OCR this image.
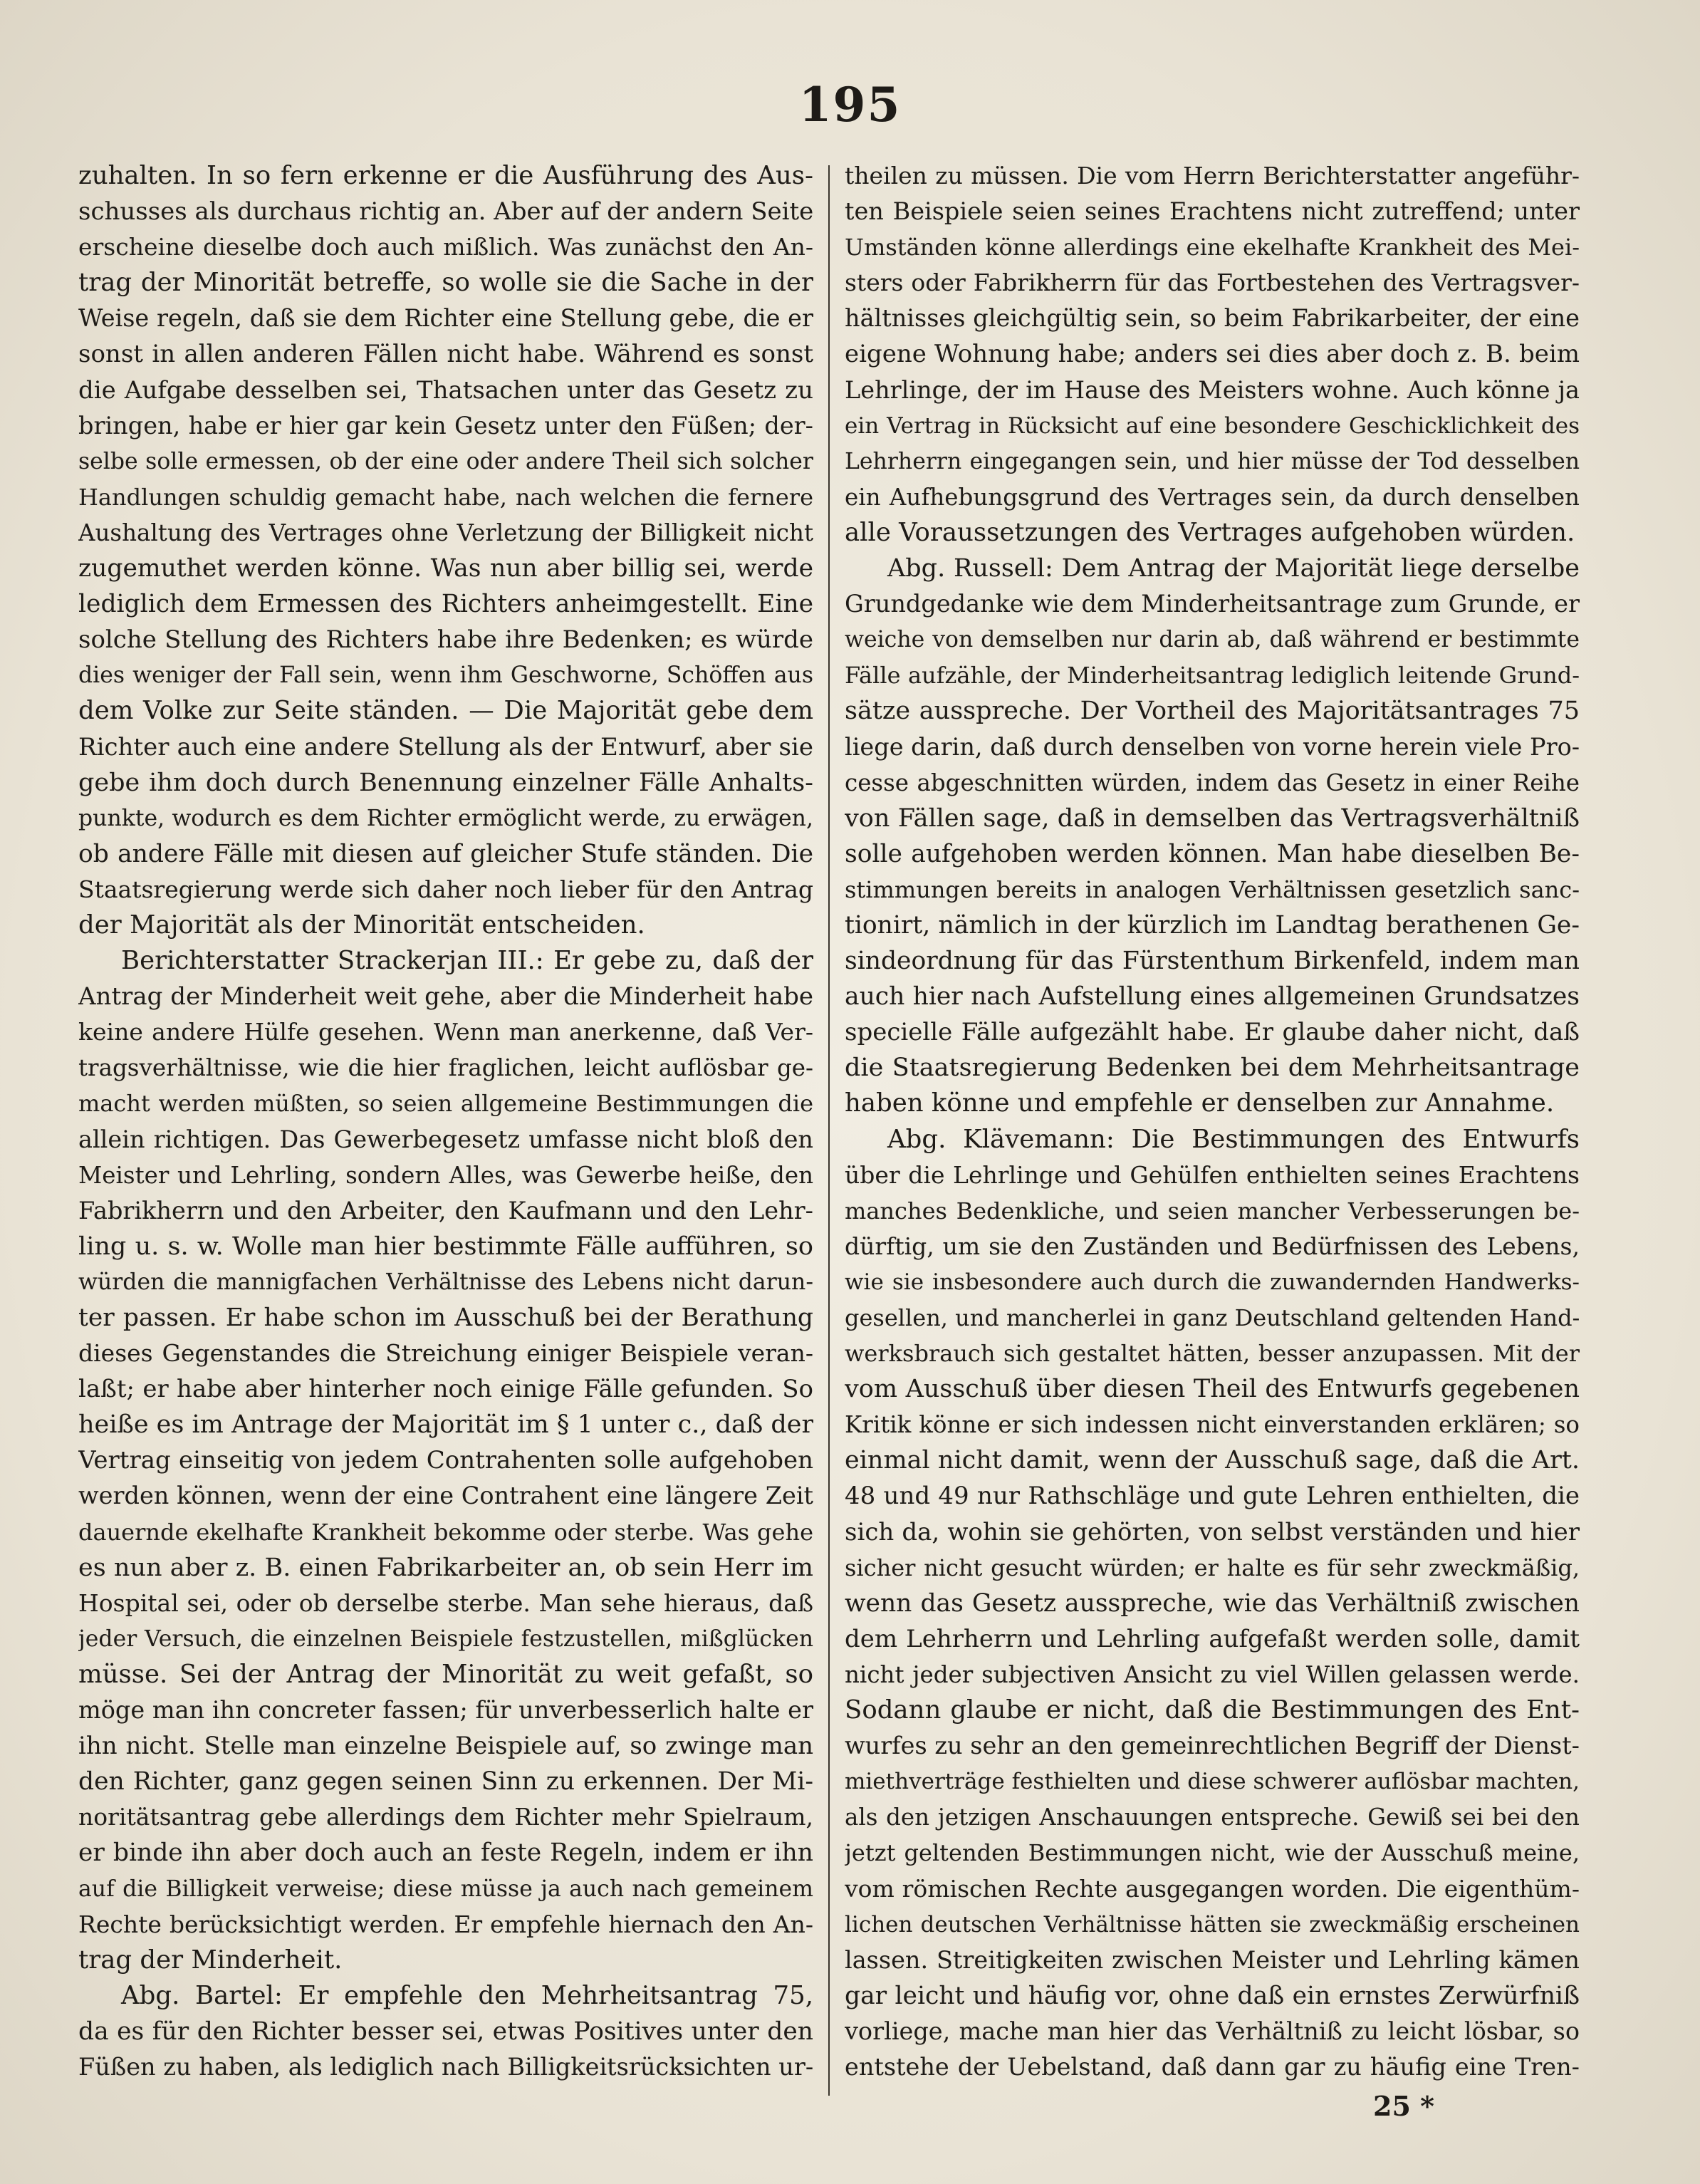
195
zuhalten. In so fern erkenne er die Ausführung des Aus-
schusses als durchaus richtig an. Aber auf der andern Seite
erscheine dieselbe doch auch mißlich. Was zunächst den An-
trag der Minorität betreffe, so wolle sie die Sache in der
Weise regeln, daß sie dem Richter eine Stellung gebe, die er
sonst in allen anderen Fällen nicht habe. Während es sonst
die Aufgabe desselben sei, Thatsachen unter das Gesetz zu
bringen, habe er hier gar kein Gesetz unter den Füßen; der-
selbe solle ermessen, ob der eine oder andere Theil sich solcher
Handlungen schuldig gemacht habe, nach welchen die fernere
Aushaltung des Vertrages ohne Verletzung der Billigkeit nicht
zugemuthet werden könne. Was nun aber billig sei, werde
lediglich dem Ermessen des Richters anheimgestellt. Eine
solche Stellung des Richters habe ihre Bedenken; es würde
dies weniger der Fall sein, wenn ihm Geschworne, Schöffen aus
dem Volke zur Seite ständen. — Die Majorität gebe dem
Richter auch eine andere Stellung als der Entwurf, aber sie
gebe ihm doch durch Benennung einzelner Fälle Anhalts-
punkte, wodurch es dem Richter ermöglicht werde, zu erwägen,
ob andere Fälle mit diesen auf gleicher Stufe ständen. Die
Staatsregierung werde sich daher noch lieber für den Antrag
der Majorität als der Minorität entscheiden.
Berichterstatter Strackerjan III.: Er gebe zu, daß der
Antrag der Minderheit weit gehe, aber die Minderheit habe
keine andere Hülfe gesehen. Wenn man anerkenne, daß Ver-
tragsverhältnisse, wie die hier fraglichen, leicht auflösbar ge-
macht werden müßten, so seien allgemeine Bestimmungen die
allein richtigen. Das Gewerbegesetz umfasse nicht bloß den
Meister und Lehrling, sondern Alles, was Gewerbe heiße, den
Fabrikherrn und den Arbeiter, den Kaufmann und den Lehr-
ling u. s. w. Wolle man hier bestimmte Fälle aufführen, so
würden die mannigfachen Verhältnisse des Lebens nicht darun-
ter passen. Er habe schon im Ausschuß bei der Berathung
dieses Gegenstandes die Streichung einiger Beispiele veran-
laßt; er habe aber hinterher noch einige Fälle gefunden. So
heiße es im Antrage der Majorität im § 1 unter c., daß der
Vertrag einseitig von jedem Contrahenten solle aufgehoben
werden können, wenn der eine Contrahent eine längere Zeit
dauernde ekelhafte Krankheit bekomme oder sterbe. Was gehe
es nun aber z. B. einen Fabrikarbeiter an, ob sein Herr im
Hospital sei, oder ob derselbe sterbe. Man sehe hieraus, daß
jeder Versuch, die einzelnen Beispiele festzustellen, mißglücken
müsse. Sei der Antrag der Minorität zu weit gefaßt, so
möge man ihn concreter fassen; für unverbesserlich halte er
ihn nicht. Stelle man einzelne Beispiele auf, so zwinge man
den Richter, ganz gegen seinen Sinn zu erkennen. Der Mi-
noritätsantrag gebe allerdings dem Richter mehr Spielraum,
er binde ihn aber doch auch an feste Regeln, indem er ihn
auf die Billigkeit verweise; diese müsse ja auch nach gemeinem
Rechte berücksichtigt werden. Er empfehle hiernach den An-
trag der Minderheit.
Abg. Bartel: Er empfehle den Mehrheitsantrag 75,
da es für den Richter besser sei, etwas Positives unter den
Füßen zu haben, als lediglich nach Billigkeitsrücksichten ur-
theilen zu müssen. Die vom Herrn Berichterstatter angeführ-
ten Beispiele seien seines Erachtens nicht zutreffend; unter
Umständen könne allerdings eine ekelhafte Krankheit des Mei-
sters oder Fabrikherrn für das Fortbestehen des Vertragsver-
hältnisses gleichgültig sein, so beim Fabrikarbeiter, der eine
eigene Wohnung habe; anders sei dies aber doch z. B. beim
Lehrlinge, der im Hause des Meisters wohne. Auch könne ja
ein Vertrag in Rücksicht auf eine besondere Geschicklichkeit des
Lehrherrn eingegangen sein, und hier müsse der Tod desselben
ein Aufhebungsgrund des Vertrages sein, da durch denselben
alle Voraussetzungen des Vertrages aufgehoben würden.
Abg. Russell: Dem Antrag der Majorität liege derselbe
Grundgedanke wie dem Minderheitsantrage zum Grunde, er
weiche von demselben nur darin ab, daß während er bestimmte
Fälle aufzähle, der Minderheitsantrag lediglich leitende Grund-
sätze ausspreche. Der Vortheil des Majoritätsantrages 75
liege darin, daß durch denselben von vorne herein viele Pro-
cesse abgeschnitten würden, indem das Gesetz in einer Reihe
von Fällen sage, daß in demselben das Vertragsverhältniß
solle aufgehoben werden können. Man habe dieselben Be-
stimmungen bereits in analogen Verhältnissen gesetzlich sanc-
tionirt, nämlich in der kürzlich im Landtag berathenen Ge-
sindeordnung für das Fürstenthum Birkenfeld, indem man
auch hier nach Aufstellung eines allgemeinen Grundsatzes
specielle Fälle aufgezählt habe. Er glaube daher nicht, daß
die Staatsregierung Bedenken bei dem Mehrheitsantrage
haben könne und empfehle er denselben zur Annahme.
Abg. Klävemann: Die Bestimmungen des Entwurfs
über die Lehrlinge und Gehülfen enthielten seines Erachtens
manches Bedenkliche, und seien mancher Verbesserungen be-
dürftig, um sie den Zuständen und Bedürfnissen des Lebens,
wie sie insbesondere auch durch die zuwandernden Handwerks-
gesellen, und mancherlei in ganz Deutschland geltenden Hand-
werksbrauch sich gestaltet hätten, besser anzupassen. Mit der
vom Ausschuß über diesen Theil des Entwurfs gegebenen
Kritik könne er sich indessen nicht einverstanden erklären; so
einmal nicht damit, wenn der Ausschuß sage, daß die Art.
48 und 49 nur Rathschläge und gute Lehren enthielten, die
sich da, wohin sie gehörten, von selbst verständen und hier
sicher nicht gesucht würden; er halte es für sehr zweckmäßig,
wenn das Gesetz ausspreche, wie das Verhältniß zwischen
dem Lehrherrn und Lehrling aufgefaßt werden solle, damit
nicht jeder subjectiven Ansicht zu viel Willen gelassen werde.
Sodann glaube er nicht, daß die Bestimmungen des Ent-
wurfes zu sehr an den gemeinrechtlichen Begriff der Dienst-
miethverträge festhielten und diese schwerer auflösbar machten,
als den jetzigen Anschauungen entspreche. Gewiß sei bei den
jetzt geltenden Bestimmungen nicht, wie der Ausschuß meine,
vom römischen Rechte ausgegangen worden. Die eigenthüm-
lichen deutschen Verhältnisse hätten sie zweckmäßig erscheinen
lassen. Streitigkeiten zwischen Meister und Lehrling kämen
gar leicht und häufig vor, ohne daß ein ernstes Zerwürfniß
vorliege, mache man hier das Verhältniß zu leicht lösbar, so
entstehe der Uebelstand, daß dann gar zu häufig eine Tren-
25 *
